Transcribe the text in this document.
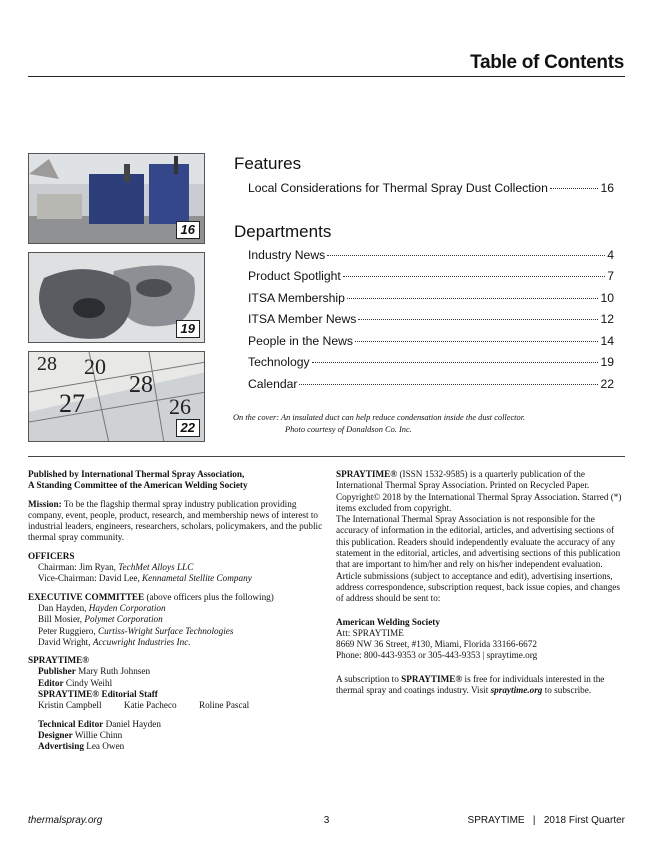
Table of Contents
16
19
28 20
28
27	26
22
Features
Local Considerations for Thermal Spray Dust Collection	16
Departments
Industry News	4
Product Spotlight	7
ITSA Membership	10
ITSA Member News	12
People in the News	14
Technology	19
Calendar	22
On the cover: An insulated duct can help reduce condensation inside the dust collector.
Photo courtesy of Donaldson Co. Inc.
Published by International Thermal Spray Association,
A Standing Committee of the American Welding Society
Mission: To be the flagship thermal spray industry publication providing company, event, people, product, research, and membership news of interest to industrial leaders, engineers, researchers, scholars, policymakers, and the public thermal spray community.
OFFICERS
Chairman: Jim Ryan, TechMet Alloys LLC
Vice-Chairman: David Lee, Kennametal Stellite Company
EXECUTIVE COMMITTEE (above officers plus the following)
Dan Hayden, Hayden Corporation
Bill Mosier, Polymet Corporation
Peter Ruggiero, Curtiss-Wright Surface Technologies
David Wright, Accuwright Industries Inc.
SPRAYTIME®
Publisher Mary Ruth Johnsen
Editor Cindy Weihl
SPRAYTIME® Editorial Staff
Kristin Campbell Katie Pacheco Roline Pascal
Technical Editor Daniel Hayden
Designer Willie Chinn
Advertising Lea Owen
SPRAYTIME® (ISSN 1532-9585) is a quarterly publication of the International Thermal Spray Association. Printed on Recycled Paper. Copyright© 2018 by the International Thermal Spray Association. Starred (*) items excluded from copyright.
The International Thermal Spray Association is not responsible for the accuracy of information in the editorial, articles, and advertising sections of this publication. Readers should independently evaluate the accuracy of any statement in the editorial, articles, and advertising sections of this publication that are important to him/her and rely on his/her independent evaluation.
Article submissions (subject to acceptance and edit), advertising insertions, address correspondence, subscription request, back issue copies, and changes of address should be sent to:
American Welding Society
Att: SPRAYTIME
8669 NW 36 Street, #130, Miami, Florida 33166-6672
Phone: 800-443-9353 or 305-443-9353 | spraytime.org
A subscription to SPRAYTIME® is free for individuals interested in the thermal spray and coatings industry. Visit spraytime.org to subscribe.
thermalspray.org	3	SPRAYTIME   |   2018 First Quarter
